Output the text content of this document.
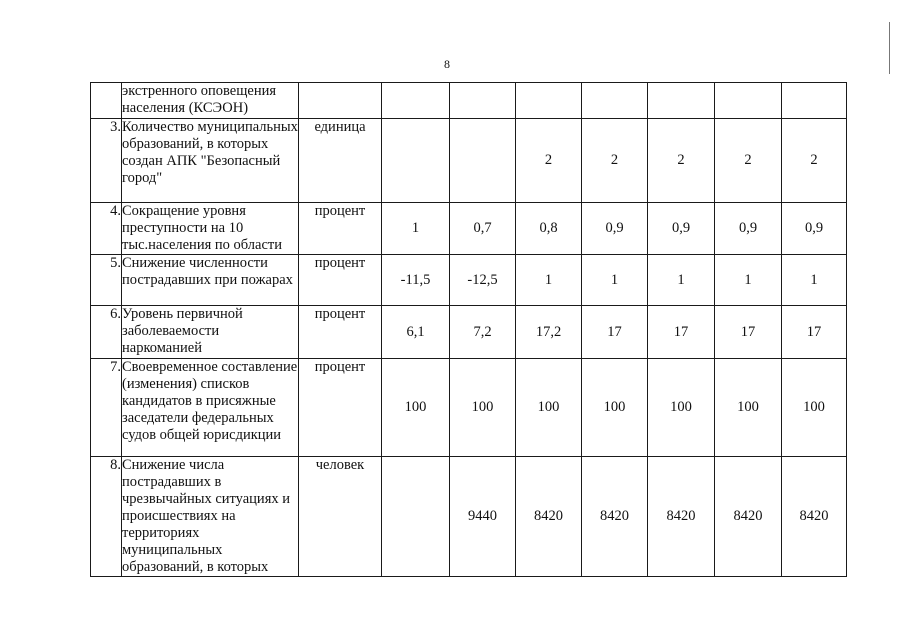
8
	экстренного оповещения населения (КСЭОН)								
3.	Количество муниципальных образований, в которых создан АПК "Безопасный город"	единица			2	2	2	2	2
4.	Сокращение уровня преступности на 10 тыс.населения по области	процент	1	0,7	0,8	0,9	0,9	0,9	0,9
5.	Снижение численности пострадавших при пожарах	процент	-11,5	-12,5	1	1	1	1	1
6.	Уровень первичной заболеваемости наркоманией	процент	6,1	7,2	17,2	17	17	17	17
7.	Своевременное составление (изменения) списков кандидатов в присяжные заседатели федеральных судов общей юрисдикции	процент	100	100	100	100	100	100	100
8.	Снижение числа пострадавших в чрезвычайных ситуациях и происшествиях на территориях муниципальных образований, в которых	человек		9440	8420	8420	8420	8420	8420
